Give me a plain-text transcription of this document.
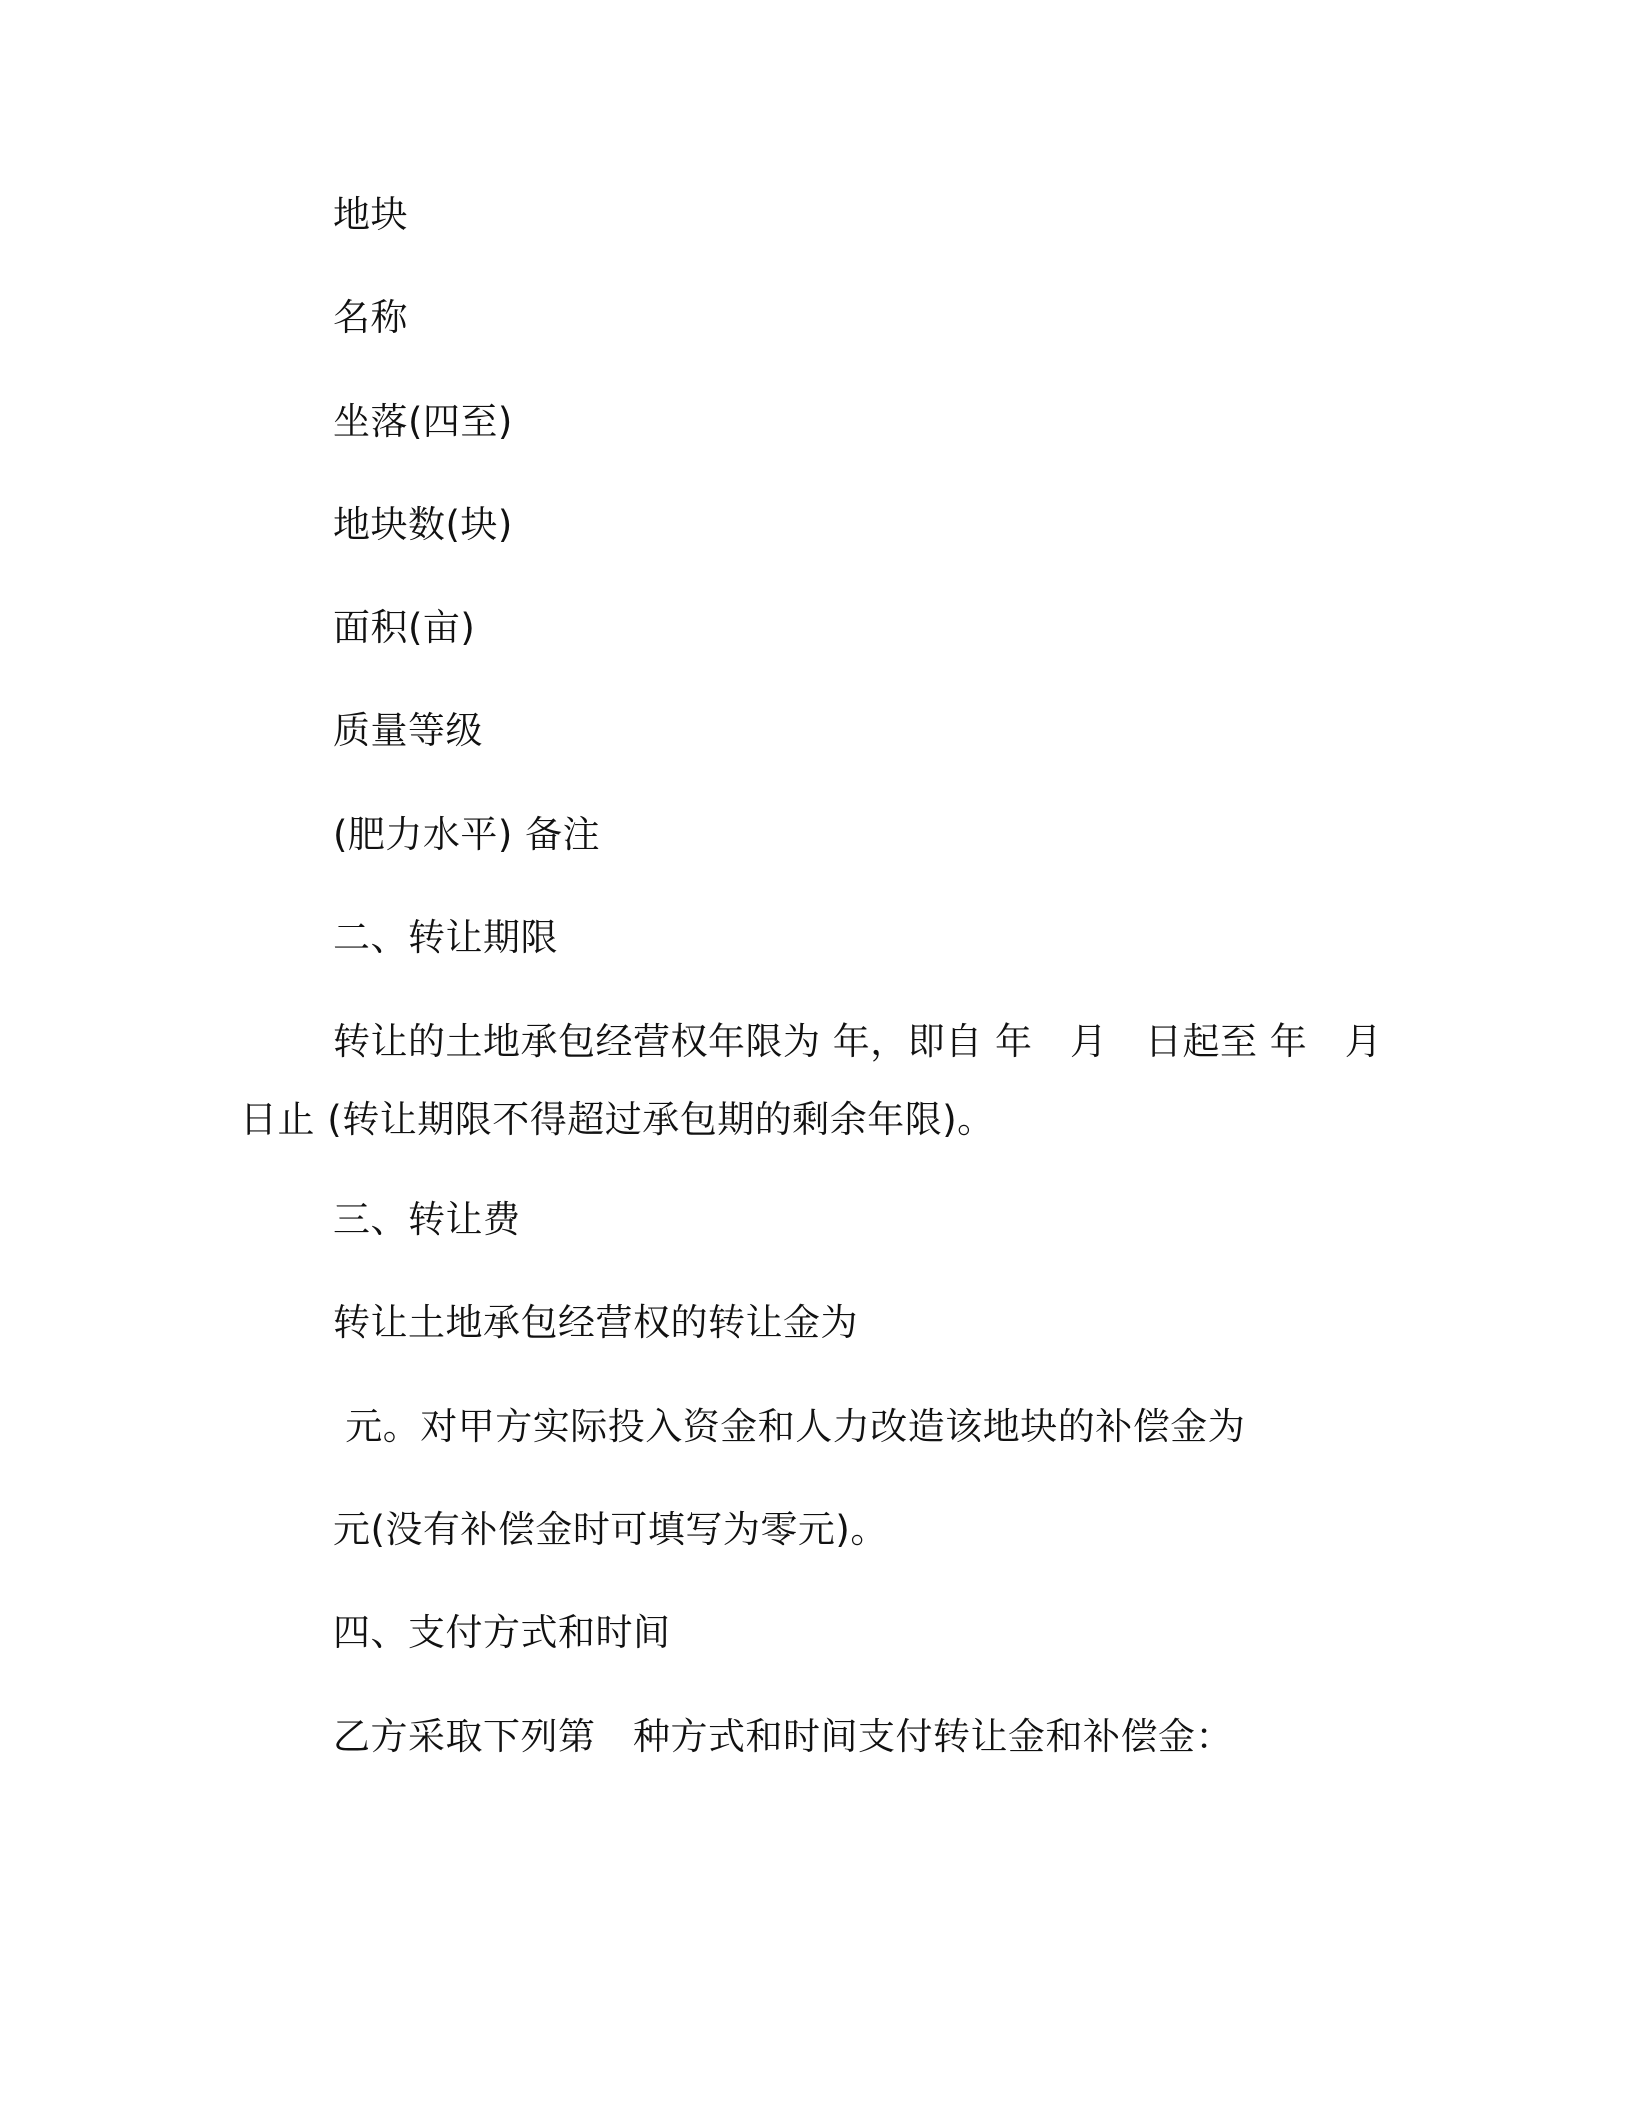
地块
名称
坐落(四至)
地块数(块)
面积(亩)
质量等级
(肥力水平) 备注
二、转让期限
转让的土地承包经营权年限为 年，即自 年　月　日起至 年　月
日止 (转让期限不得超过承包期的剩余年限)。
三、转让费
转让土地承包经营权的转让金为
元。对甲方实际投入资金和人力改造该地块的补偿金为
元(没有补偿金时可填写为零元)。
四、支付方式和时间
乙方采取下列第　种方式和时间支付转让金和补偿金：
